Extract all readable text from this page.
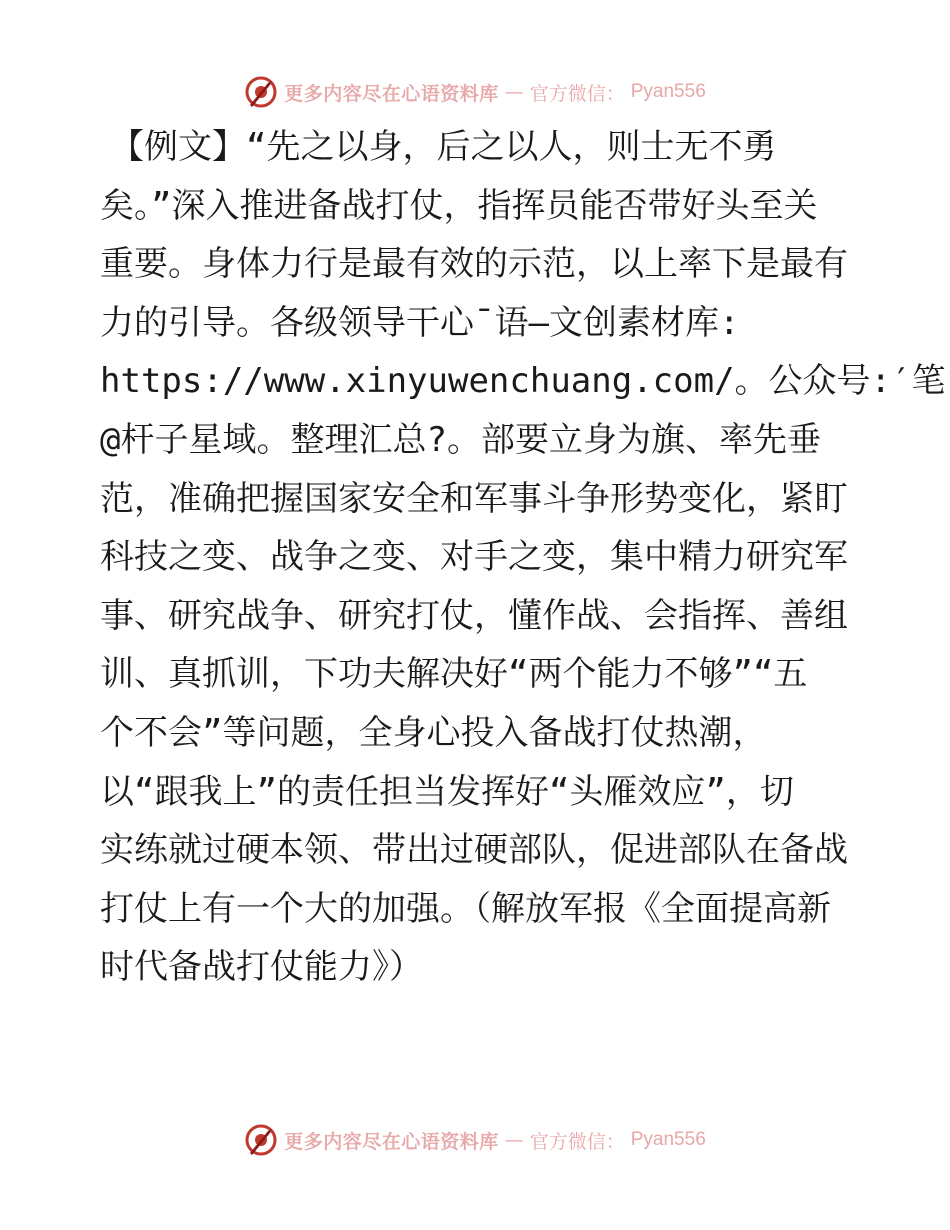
更多内容尽在心语资料库 — 官方微信： Pyan556
【例文】“先之以身，后之以人，则士无不勇
矣。”深入推进备战打仗，指挥员能否带好头至关
重要。身体力行是最有效的示范，以上率下是最有
力的引导。各级领导干心¯语—文创素材库:
https://www.xinyuwenchuang.com/。公众号:′笔
@杆子星域。整理汇总?。部要立身为旗、率先垂
范，准确把握国家安全和军事斗争形势变化，紧盯
科技之变、战争之变、对手之变，集中精力研究军
事、研究战争、研究打仗，懂作战、会指挥、善组
训、真抓训，下功夫解决好“两个能力不够”“五
个不会”等问题，全身心投入备战打仗热潮，
以“跟我上”的责任担当发挥好“头雁效应”，切
实练就过硬本领、带出过硬部队，促进部队在备战
打仗上有一个大的加强。（解放军报《全面提高新
时代备战打仗能力》）
更多内容尽在心语资料库 — 官方微信： Pyan556
